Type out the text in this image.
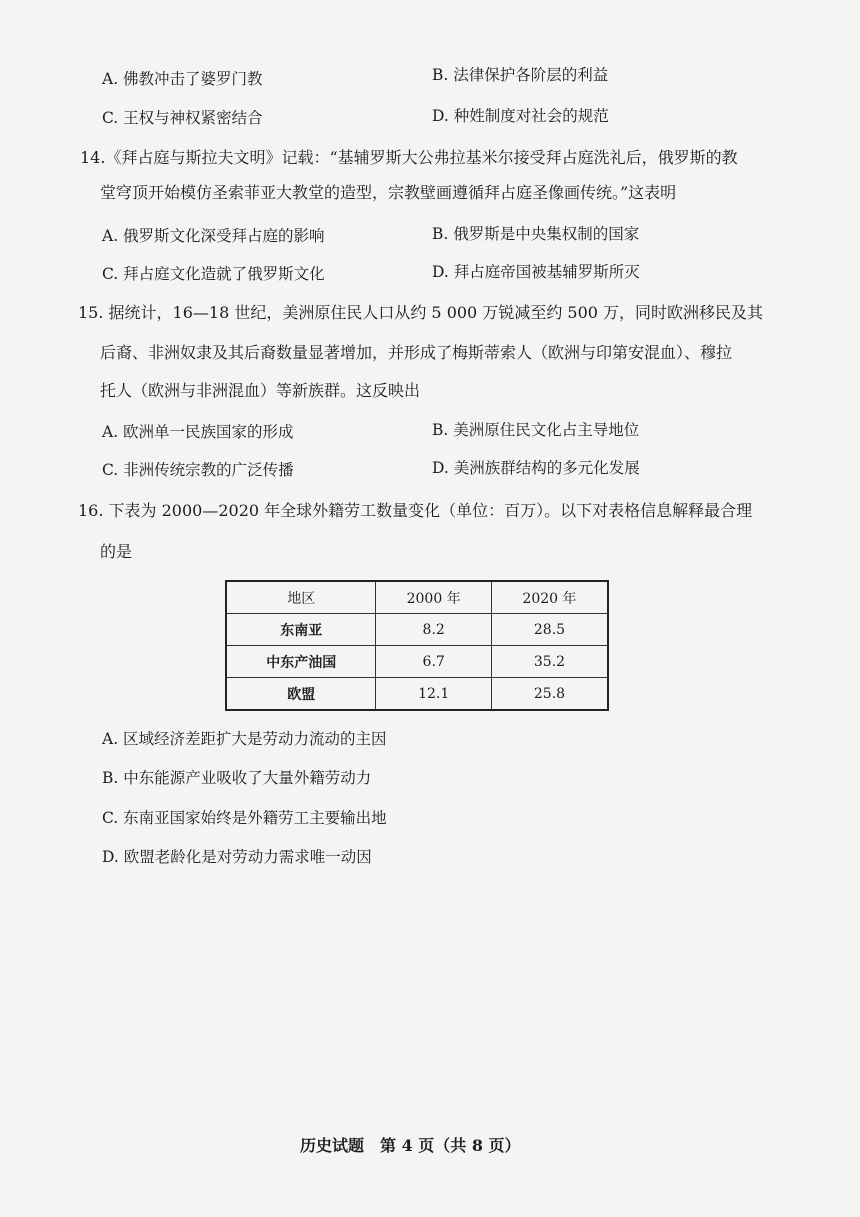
A. 佛教冲击了婆罗门教	B. 法律保护各阶层的利益
C. 王权与神权紧密结合	D. 种姓制度对社会的规范
14.《拜占庭与斯拉夫文明》记载：“基辅罗斯大公弗拉基米尔接受拜占庭洗礼后，俄罗斯的教
堂穹顶开始模仿圣索菲亚大教堂的造型，宗教壁画遵循拜占庭圣像画传统。”这表明
A. 俄罗斯文化深受拜占庭的影响	B. 俄罗斯是中央集权制的国家
C. 拜占庭文化造就了俄罗斯文化	D. 拜占庭帝国被基辅罗斯所灭
15. 据统计，16—18 世纪，美洲原住民人口从约 5 000 万锐减至约 500 万，同时欧洲移民及其
后裔、非洲奴隶及其后裔数量显著增加，并形成了梅斯蒂索人（欧洲与印第安混血）、穆拉
托人（欧洲与非洲混血）等新族群。这反映出
A. 欧洲单一民族国家的形成	B. 美洲原住民文化占主导地位
C. 非洲传统宗教的广泛传播	D. 美洲族群结构的多元化发展
16. 下表为 2000—2020 年全球外籍劳工数量变化（单位：百万）。以下对表格信息解释最合理
的是
地区	2000 年	2020 年
东南亚	8.2	28.5
中东产油国	6.7	35.2
欧盟	12.1	25.8
A. 区域经济差距扩大是劳动力流动的主因
B. 中东能源产业吸收了大量外籍劳动力
C. 东南亚国家始终是外籍劳工主要输出地
D. 欧盟老龄化是对劳动力需求唯一动因
历史试题　第 4 页（共 8 页）
